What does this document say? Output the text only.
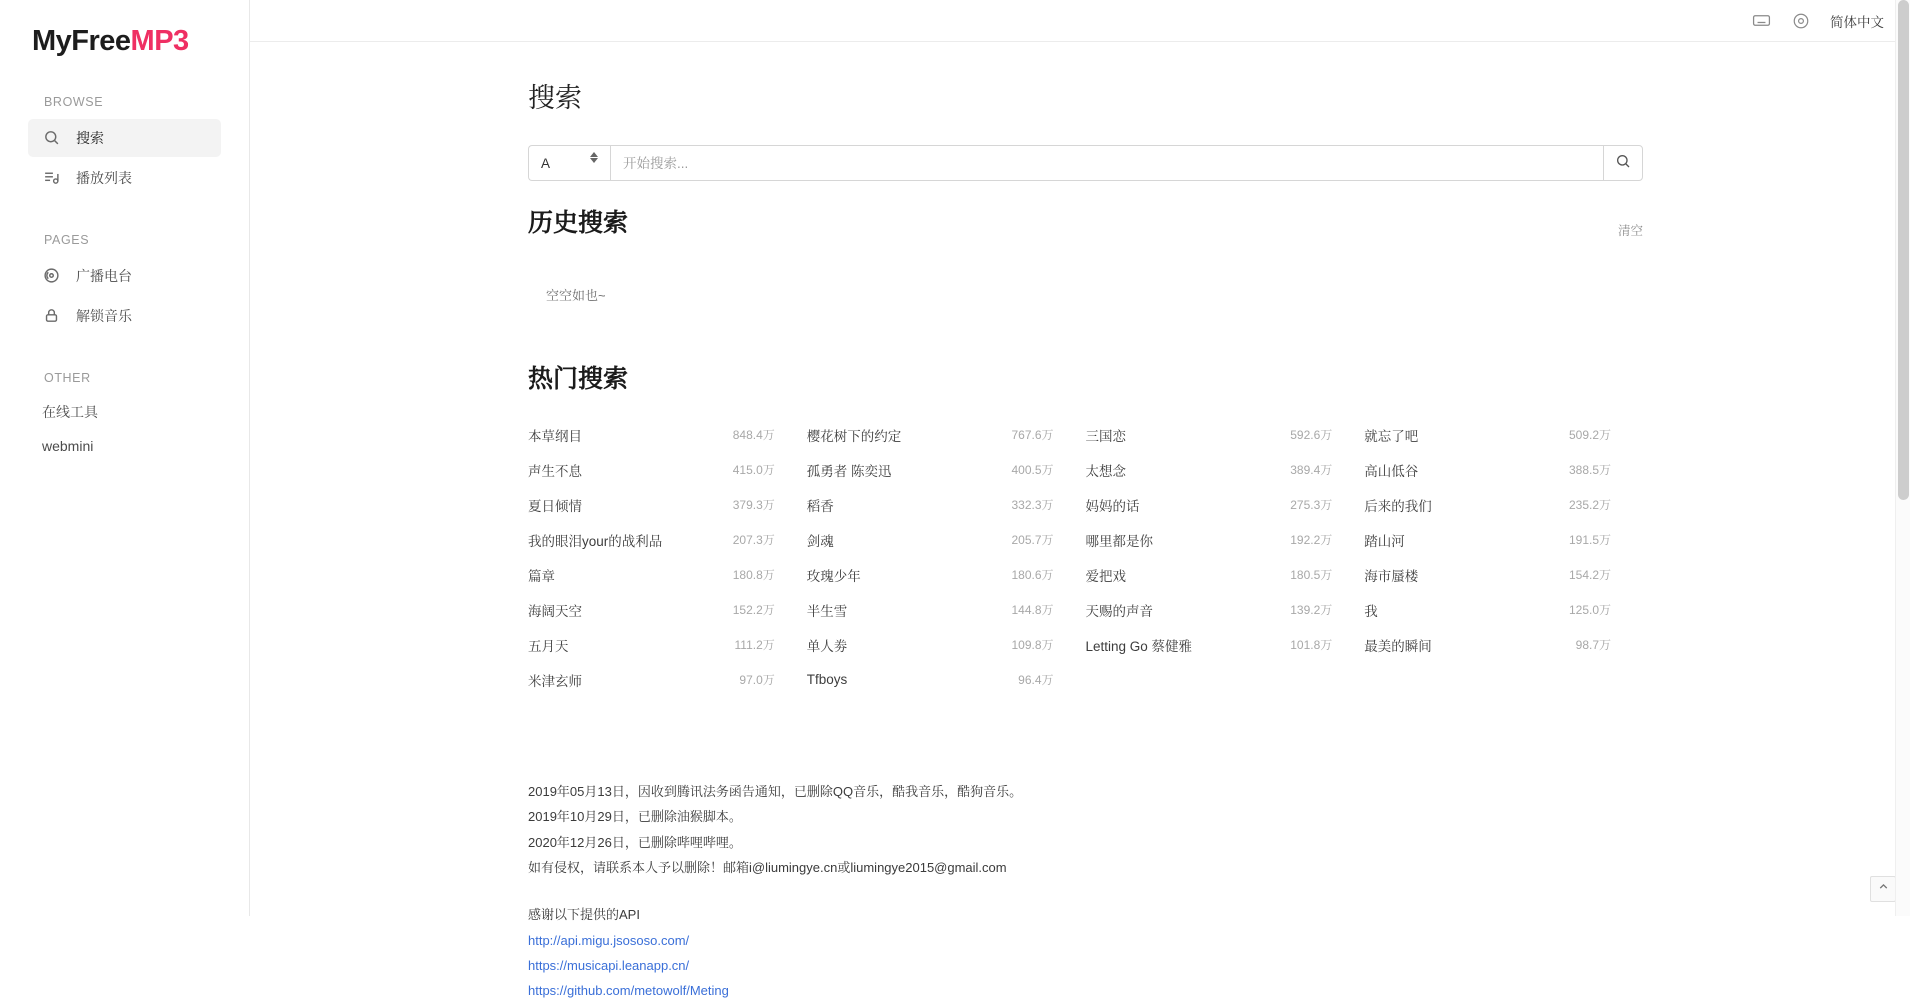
MyFreeMP3
BROWSE
搜索
播放列表
PAGES
广播电台
解锁音乐
OTHER
在线工具
webmini
简体中文
搜索
A
开始搜索...
历史搜索	清空
空空如也~
热门搜索
本草纲目	848.4万 樱花树下的约定	767.6万 三国恋	592.6万 就忘了吧	509.2万
声生不息	415.0万 孤勇者 陈奕迅	400.5万 太想念	389.4万 高山低谷	388.5万
夏日倾情	379.3万 稻香	332.3万 妈妈的话	275.3万 后来的我们	235.2万
我的眼泪your的战利品	207.3万 剑魂	205.7万 哪里都是你	192.2万 踏山河	191.5万
篇章	180.8万 玫瑰少年	180.6万 爱把戏	180.5万 海市蜃楼	154.2万
海阔天空	152.2万 半生雪	144.8万 天赐的声音	139.2万 我	125.0万
五月天	111.2万 单人劵	109.8万 Letting Go 蔡健雅	101.8万 最美的瞬间	98.7万
米津玄师	97.0万 Tfboys	96.4万
2019年05月13日，因收到腾讯法务函告通知，已删除QQ音乐，酷我音乐，酷狗音乐。
2019年10月29日，已删除油猴脚本。
2020年12月26日，已删除哔哩哔哩。
如有侵权，请联系本人予以删除！邮箱i@liumingye.cn或liumingye2015@gmail.com
感谢以下提供的API
http://api.migu.jsososo.com/
https://musicapi.leanapp.cn/
https://github.com/metowolf/Meting
